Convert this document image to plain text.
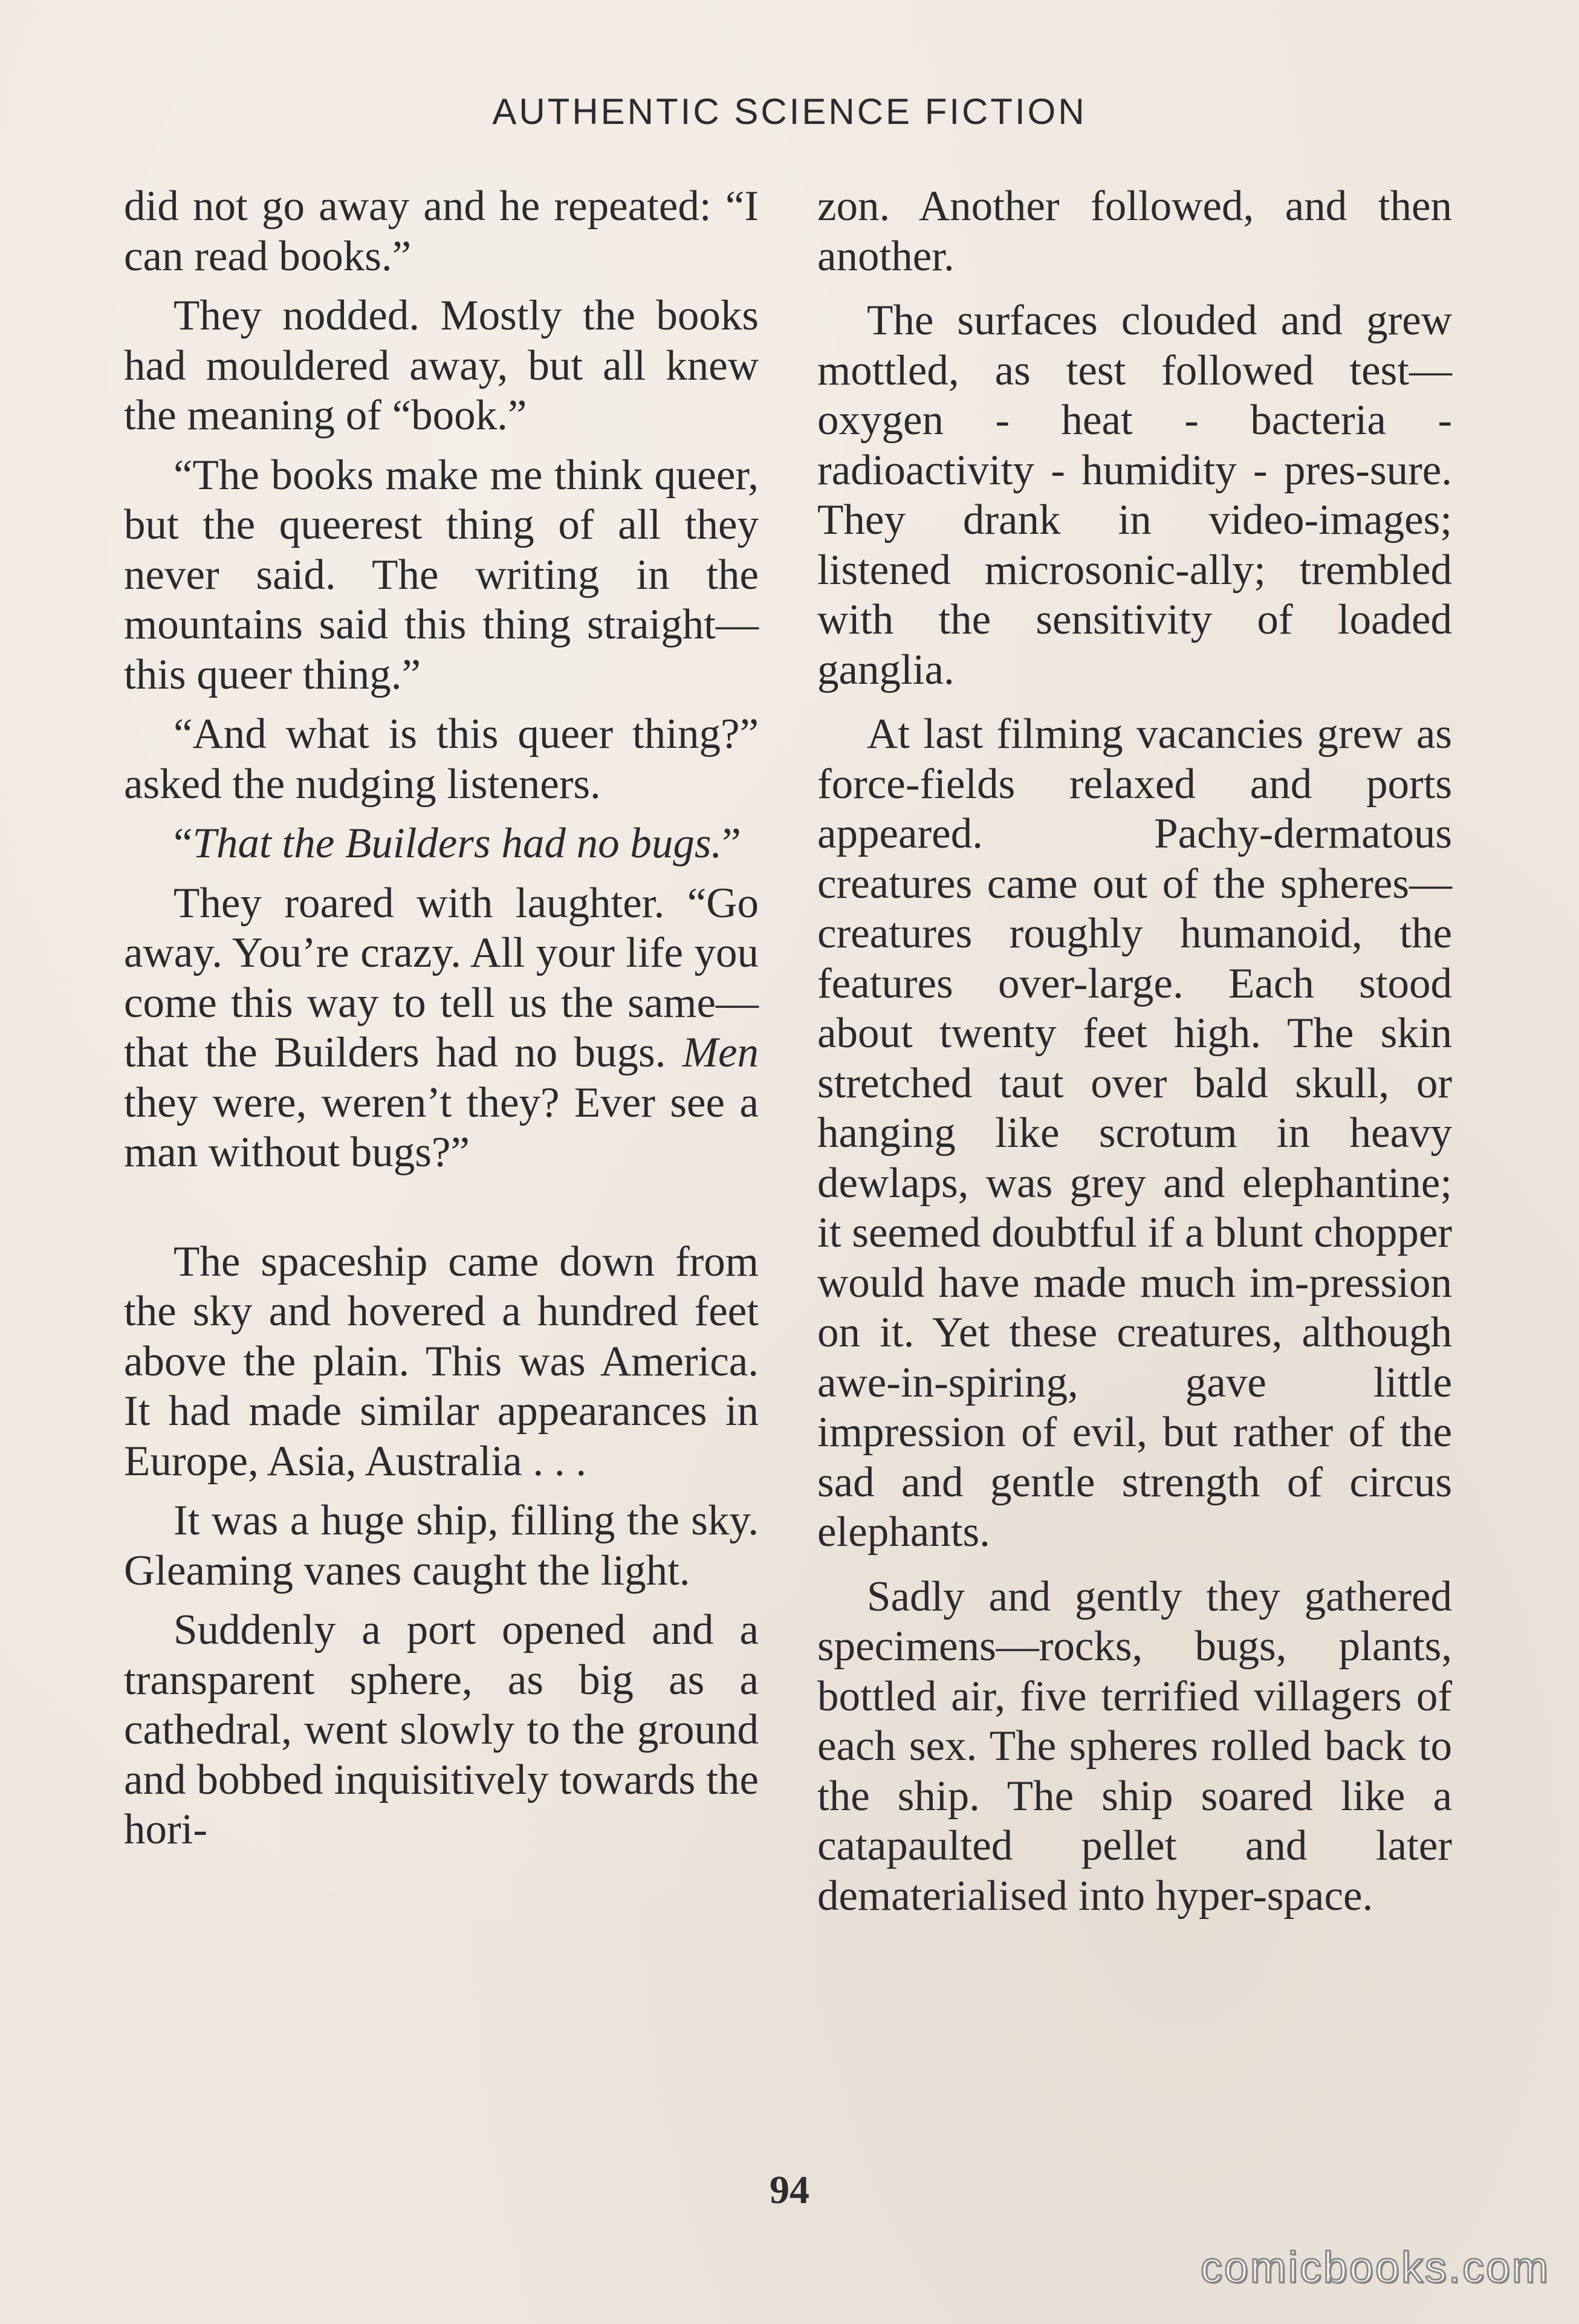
AUTHENTIC SCIENCE FICTION

did not go away and he repeated: “I can read books.”

They nodded. Mostly the books had mouldered away, but all knew the meaning of “book.”

“The books make me think queer, but the queerest thing of all they never said. The writing in the mountains said this thing straight—this queer thing.”

“And what is this queer thing?” asked the nudging listeners.

“That the Builders had no bugs.”

They roared with laughter. “Go away. You’re crazy. All your life you come this way to tell us the same—that the Builders had no bugs. Men they were, weren’t they? Ever see a man without bugs?”

The spaceship came down from the sky and hovered a hundred feet above the plain. This was America. It had made similar appearances in Europe, Asia, Australia . . .

It was a huge ship, filling the sky. Gleaming vanes caught the light.

Suddenly a port opened and a transparent sphere, as big as a cathedral, went slowly to the ground and bobbed inquisitively towards the hori-

zon. Another followed, and then another.

The surfaces clouded and grew mottled, as test followed test—oxygen - heat - bacteria - radioactivity - humidity - pres-sure. They drank in video-images; listened microsonic-ally; trembled with the sensitivity of loaded ganglia.

At last filming vacancies grew as force-fields relaxed and ports appeared. Pachy-dermatous creatures came out of the spheres—creatures roughly humanoid, the features over-large. Each stood about twenty feet high. The skin stretched taut over bald skull, or hanging like scrotum in heavy dewlaps, was grey and elephantine; it seemed doubtful if a blunt chopper would have made much im-pression on it. Yet these creatures, although awe-in-spiring, gave little impression of evil, but rather of the sad and gentle strength of circus elephants.

Sadly and gently they gathered specimens—rocks, bugs, plants, bottled air, five terrified villagers of each sex. The spheres rolled back to the ship. The ship soared like a catapaulted pellet and later dematerialised into hyper-space.

94
comicbooks.com
